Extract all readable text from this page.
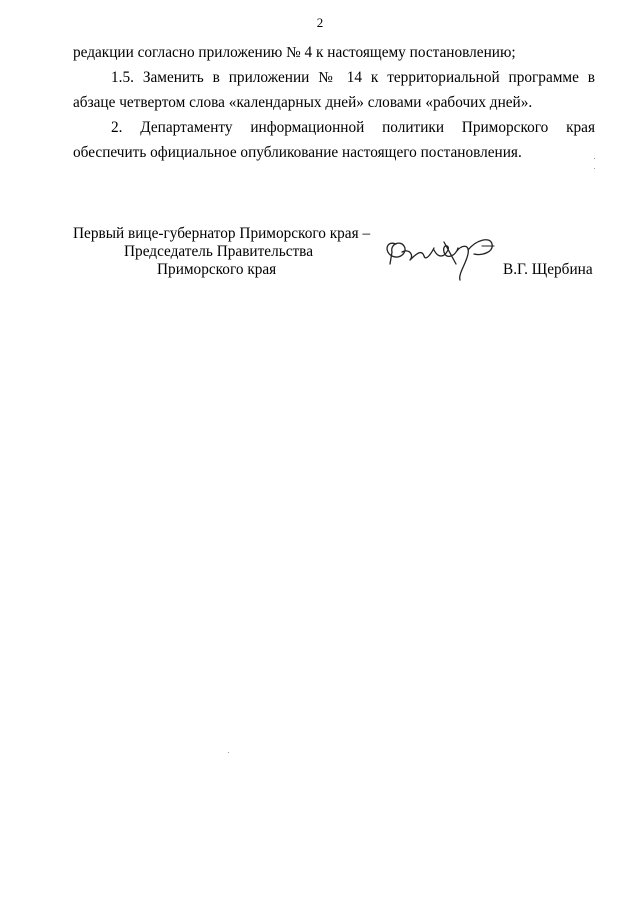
2
редакции согласно приложению № 4 к настоящему постановлению;
1.5. Заменить в приложении № 14 к территориальной программе в
абзаце четвертом слова «календарных дней» словами «рабочих дней».
2. Департаменту информационной политики Приморского края
обеспечить официальное опубликование настоящего постановления.
Первый вице-губернатор Приморского края –
Председатель Правительства
Приморского края	В.Г. Щербина
